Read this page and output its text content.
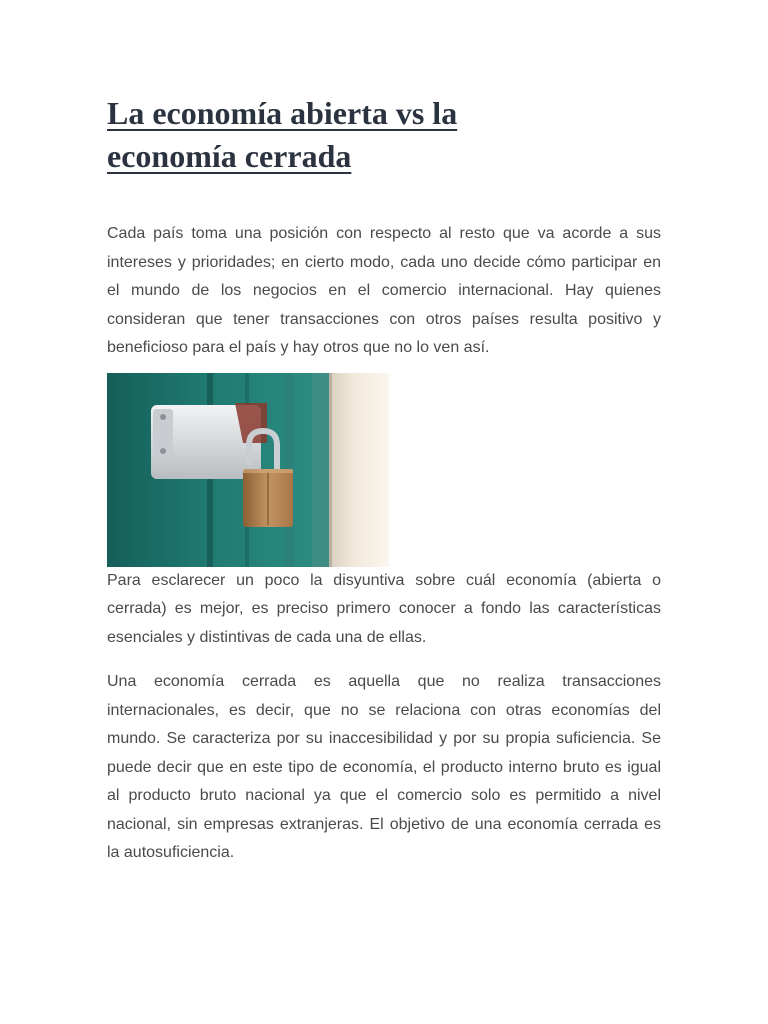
La economía abierta vs la economía cerrada

Cada país toma una posición con respecto al resto que va acorde a sus intereses y prioridades; en cierto modo, cada uno decide cómo participar en el mundo de los negocios en el comercio internacional. Hay quienes consideran que tener transacciones con otros países resulta positivo y beneficioso para el país y hay otros que no lo ven así.

Para esclarecer un poco la disyuntiva sobre cuál economía (abierta o cerrada) es mejor, es preciso primero conocer a fondo las características esenciales y distintivas de cada una de ellas.

Una economía cerrada es aquella que no realiza transacciones internacionales, es decir, que no se relaciona con otras economías del mundo. Se caracteriza por su inaccesibilidad y por su propia suficiencia. Se puede decir que en este tipo de economía, el producto interno bruto es igual al producto bruto nacional ya que el comercio solo es permitido a nivel nacional, sin empresas extranjeras. El objetivo de una economía cerrada es la autosuficiencia.
